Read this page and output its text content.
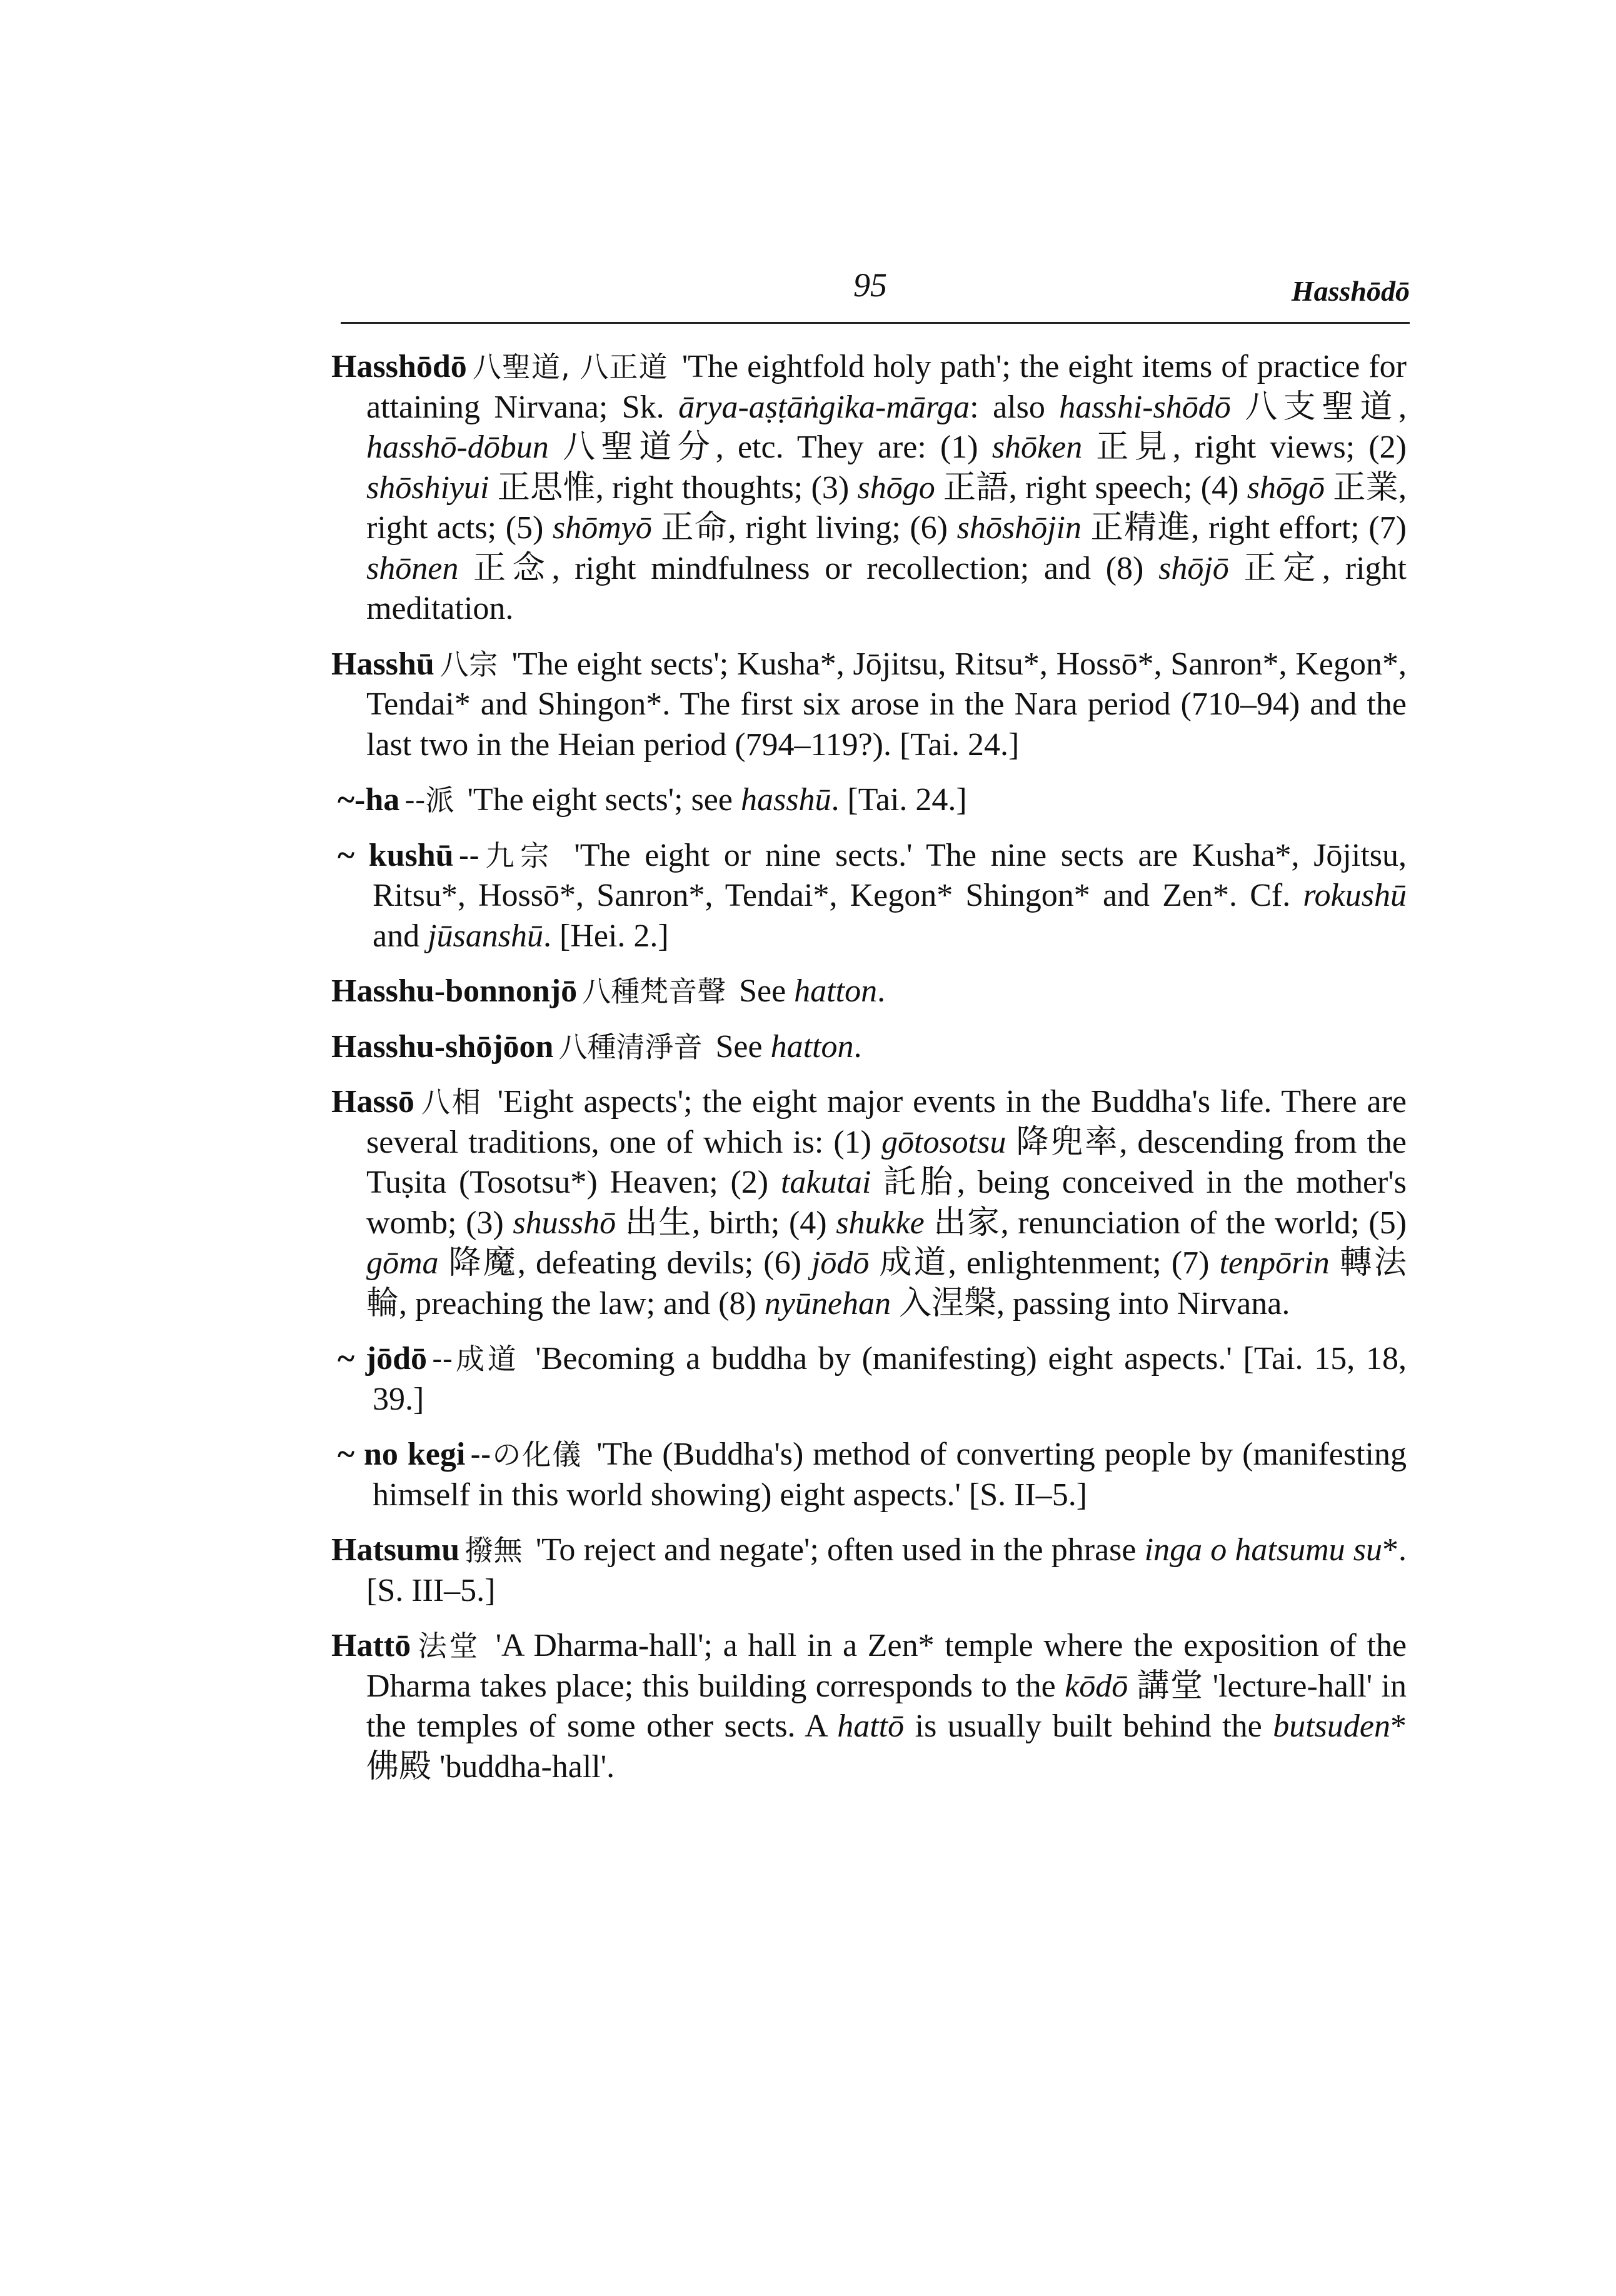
95	Hasshōdō

Hasshōdō 八聖道, 八正道 'The eightfold holy path'; the eight items of practice for attaining Nirvana; Sk. ārya-aṣṭāṅgika-mārga: also hasshi-shōdō 八支聖道, hasshō-dōbun 八聖道分, etc. They are: (1) shōken 正見, right views; (2) shōshiyui 正思惟, right thoughts; (3) shōgo 正語, right speech; (4) shōgō 正業, right acts; (5) shōmyō 正命, right living; (6) shōshōjin 正精進, right effort; (7) shōnen 正念, right mindfulness or recollection; and (8) shōjō 正定, right meditation.

Hasshū 八宗 'The eight sects'; Kusha*, Jōjitsu, Ritsu*, Hossō*, Sanron*, Kegon*, Tendai* and Shingon*. The first six arose in the Nara period (710–94) and the last two in the Heian period (794–119?). [Tai. 24.]

~-ha --派 'The eight sects'; see hasshū. [Tai. 24.]

~ kushū --九宗 'The eight or nine sects.' The nine sects are Kusha*, Jōjitsu, Ritsu*, Hossō*, Sanron*, Tendai*, Kegon* Shingon* and Zen*. Cf. rokushū and jūsanshū. [Hei. 2.]

Hasshu-bonnonjō 八種梵音聲 See hatton.

Hasshu-shōjōon 八種清淨音 See hatton.

Hassō 八相 'Eight aspects'; the eight major events in the Buddha's life. There are several traditions, one of which is: (1) gōtosotsu 降兜率, descending from the Tuṣita (Tosotsu*) Heaven; (2) takutai 託胎, being conceived in the mother's womb; (3) shusshō 出生, birth; (4) shukke 出家, renunciation of the world; (5) gōma 降魔, defeating devils; (6) jōdō 成道, enlightenment; (7) tenpōrin 轉法輪, preaching the law; and (8) nyūnehan 入涅槃, passing into Nirvana.

~ jōdō --成道 'Becoming a buddha by (manifesting) eight aspects.' [Tai. 15, 18, 39.]

~ no kegi --の化儀 'The (Buddha's) method of converting people by (manifesting himself in this world showing) eight aspects.' [S. II–5.]

Hatsumu 撥無 'To reject and negate'; often used in the phrase inga o hatsumu su*. [S. III–5.]

Hattō 法堂 'A Dharma-hall'; a hall in a Zen* temple where the exposition of the Dharma takes place; this building corresponds to the kōdō 講堂 'lecture-hall' in the temples of some other sects. A hattō is usually built behind the butsuden* 佛殿 'buddha-hall'.
